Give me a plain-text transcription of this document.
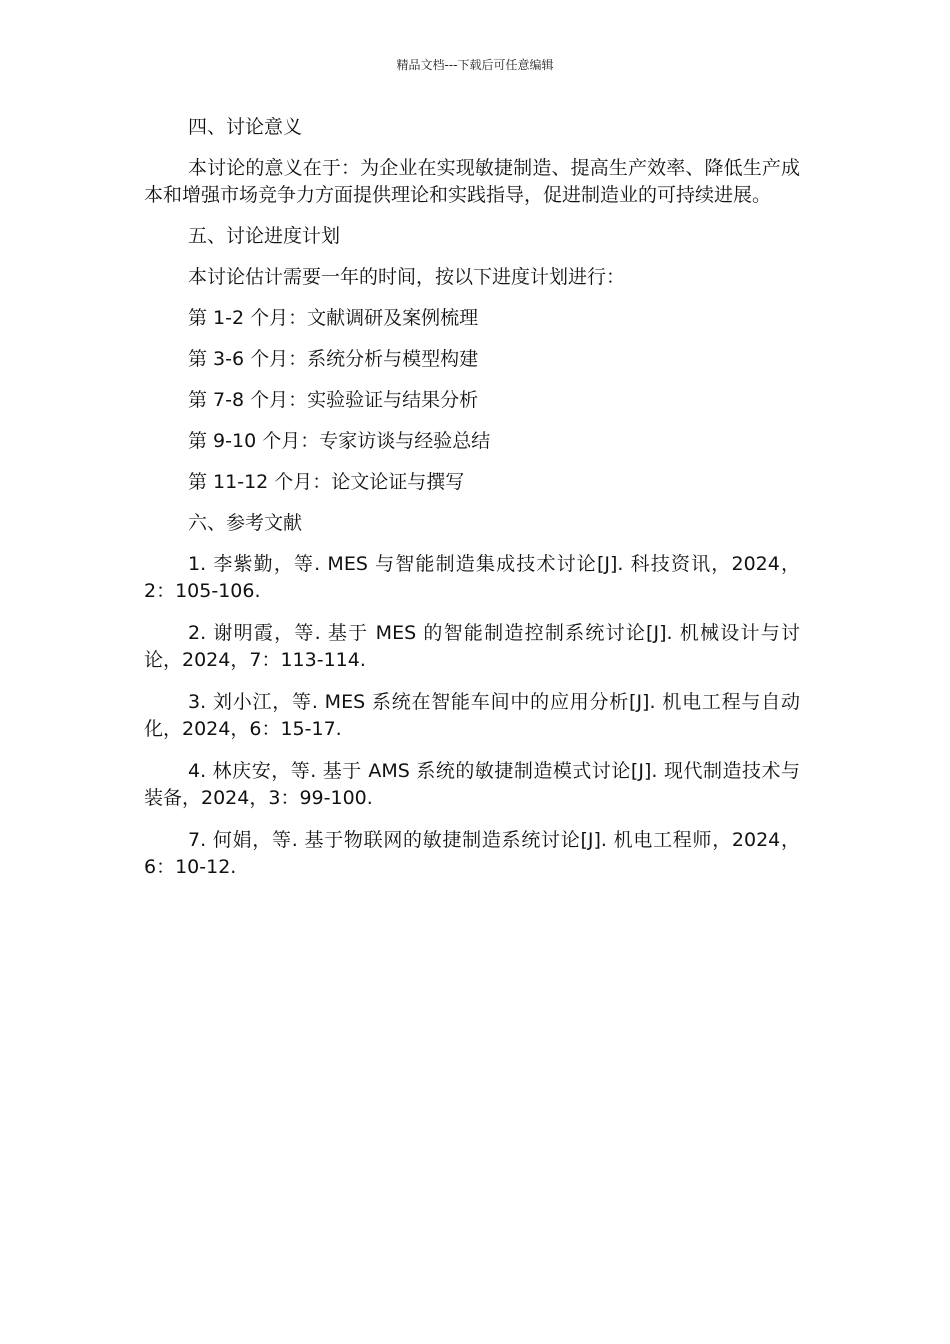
精品文档---下载后可任意编辑

四、讨论意义

本讨论的意义在于：为企业在实现敏捷制造、提高生产效率、降低生产成本和增强市场竞争力方面提供理论和实践指导，促进制造业的可持续进展。

五、讨论进度计划

本讨论估计需要一年的时间，按以下进度计划进行：

第 1-2 个月：文献调研及案例梳理

第 3-6 个月：系统分析与模型构建

第 7-8 个月：实验验证与结果分析

第 9-10 个月：专家访谈与经验总结

第 11-12 个月：论文论证与撰写

六、参考文献

1. 李紫勤，等. MES 与智能制造集成技术讨论[J]. 科技资讯，2024，2：105-106.

2. 谢明霞，等. 基于 MES 的智能制造控制系统讨论[J]. 机械设计与讨论，2024，7：113-114.

3. 刘小江，等. MES 系统在智能车间中的应用分析[J]. 机电工程与自动化，2024，6：15-17.

4. 林庆安，等. 基于 AMS 系统的敏捷制造模式讨论[J]. 现代制造技术与装备，2024，3：99-100.

7. 何娟，等. 基于物联网的敏捷制造系统讨论[J]. 机电工程师，2024，6：10-12.
